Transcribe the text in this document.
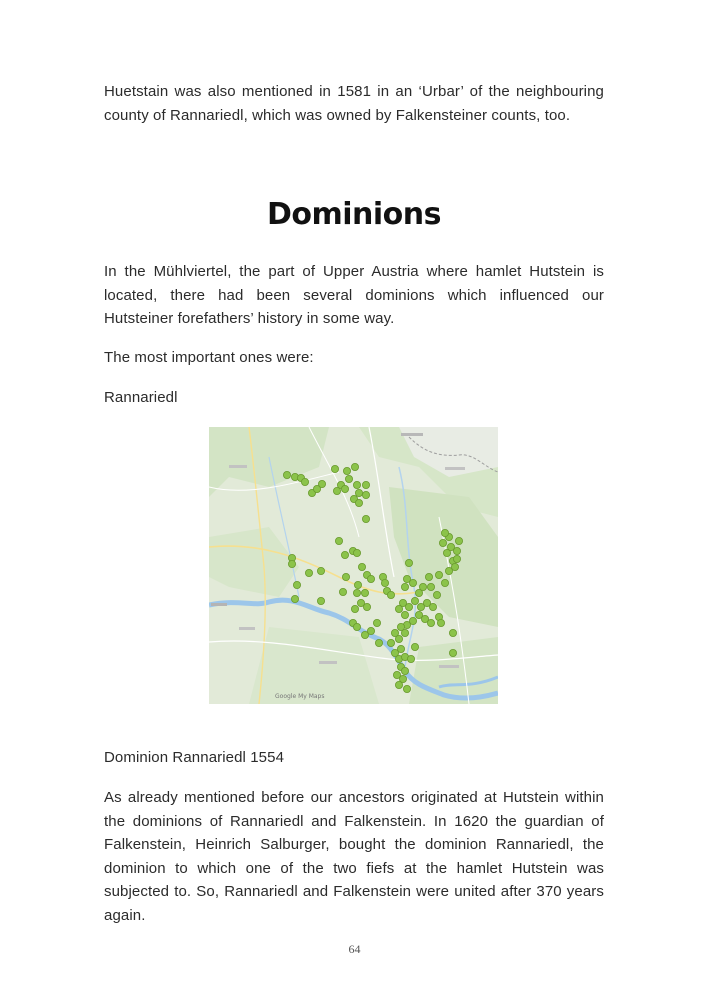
Huetstain was also mentioned in 1581 in an ‘Urbar’ of the neighbouring county of Rannariedl, which was owned by Falkensteiner counts, too.

Dominions

In the Mühlviertel, the part of Upper Austria where hamlet Hutstein is located, there had been several dominions which influenced our Hutsteiner forefathers’ history in some way.

The most important ones were:

Rannariedl

Google My Maps

Dominion Rannariedl 1554

As already mentioned before our ancestors originated at Hutstein within the dominions of Rannariedl and Falkenstein. In 1620 the guardian of Falkenstein, Heinrich Salburger, bought the dominion Rannariedl, the dominion to which one of the two fiefs at the hamlet Hutstein was subjected to. So, Rannariedl and Falkenstein were united after 370 years again.

64
